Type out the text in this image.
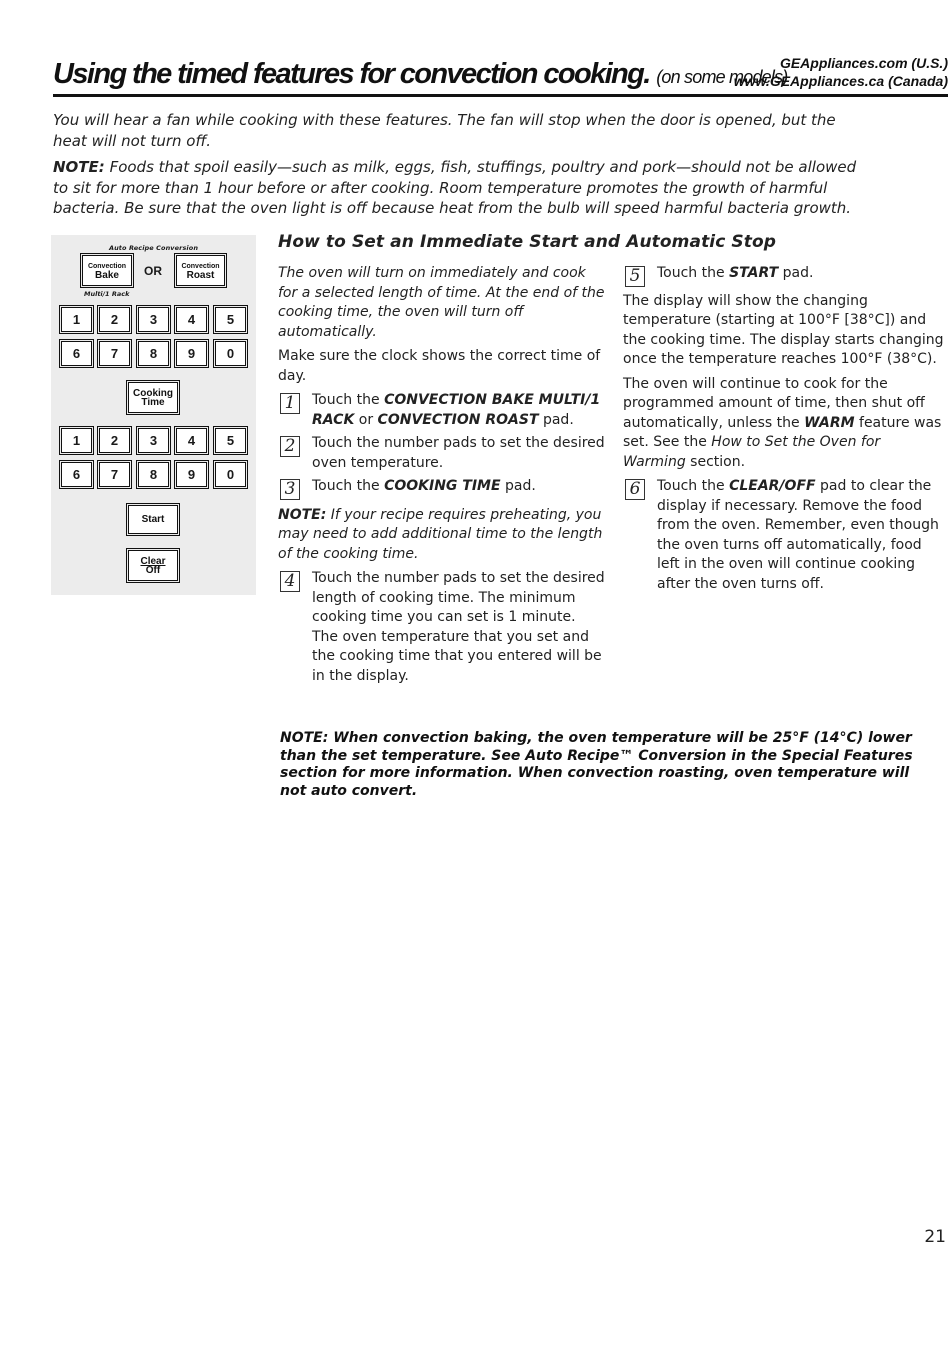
Using the timed features for convection cooking. (on some models)
GEAppliances.com (U.S.)
www.GEAppliances.ca (Canada)

You will hear a fan while cooking with these features. The fan will stop when the door is opened, but the heat will not turn off.

NOTE: Foods that spoil easily—such as milk, eggs, fish, stuffings, poultry and pork—should not be allowed to sit for more than 1 hour before or after cooking. Room temperature promotes the growth of harmful bacteria. Be sure that the oven light is off because heat from the bulb will speed harmful bacteria growth.

Auto Recipe Conversion
Convection
Bake OR	Convection
Roast
Multi/1 Rack
1	2	3	4	5
6	7	8	9	0
Cooking
Time
1	2	3	4	5
6	7	8	9	0
Start
Clear
Off
How to Set an Immediate Start and Automatic Stop

The oven will turn on immediately and cook for a selected length of time. At the end of the cooking time, the oven will turn off automatically.

Make sure the clock shows the correct time of day.

1	Touch the CONVECTION BAKE MULTI/1 RACK or CONVECTION ROAST pad.
2	Touch the number pads to set the desired oven temperature.
3	Touch the COOKING TIME pad.

NOTE: If your recipe requires preheating, you may need to add additional time to the length of the cooking time.

4	Touch the number pads to set the desired length of cooking time. The minimum cooking time you can set is 1 minute. The oven temperature that you set and the cooking time that you entered will be in the display.
5	Touch the START pad.

The display will show the changing temperature (starting at 100°F [38°C]) and the cooking time. The display starts changing once the temperature reaches 100°F (38°C).

The oven will continue to cook for the programmed amount of time, then shut off automatically, unless the WARM feature was set. See the How to Set the Oven for Warming section.

6	Touch the CLEAR/OFF pad to clear the display if necessary. Remove the food from the oven. Remember, even though the oven turns off automatically, food left in the oven will continue cooking after the oven turns off.
NOTE: When convection baking, the oven temperature will be 25°F (14°C) lower than the set temperature. See Auto Recipe™ Conversion in the Special Features section for more information. When convection roasting, oven temperature will not auto convert.
21
